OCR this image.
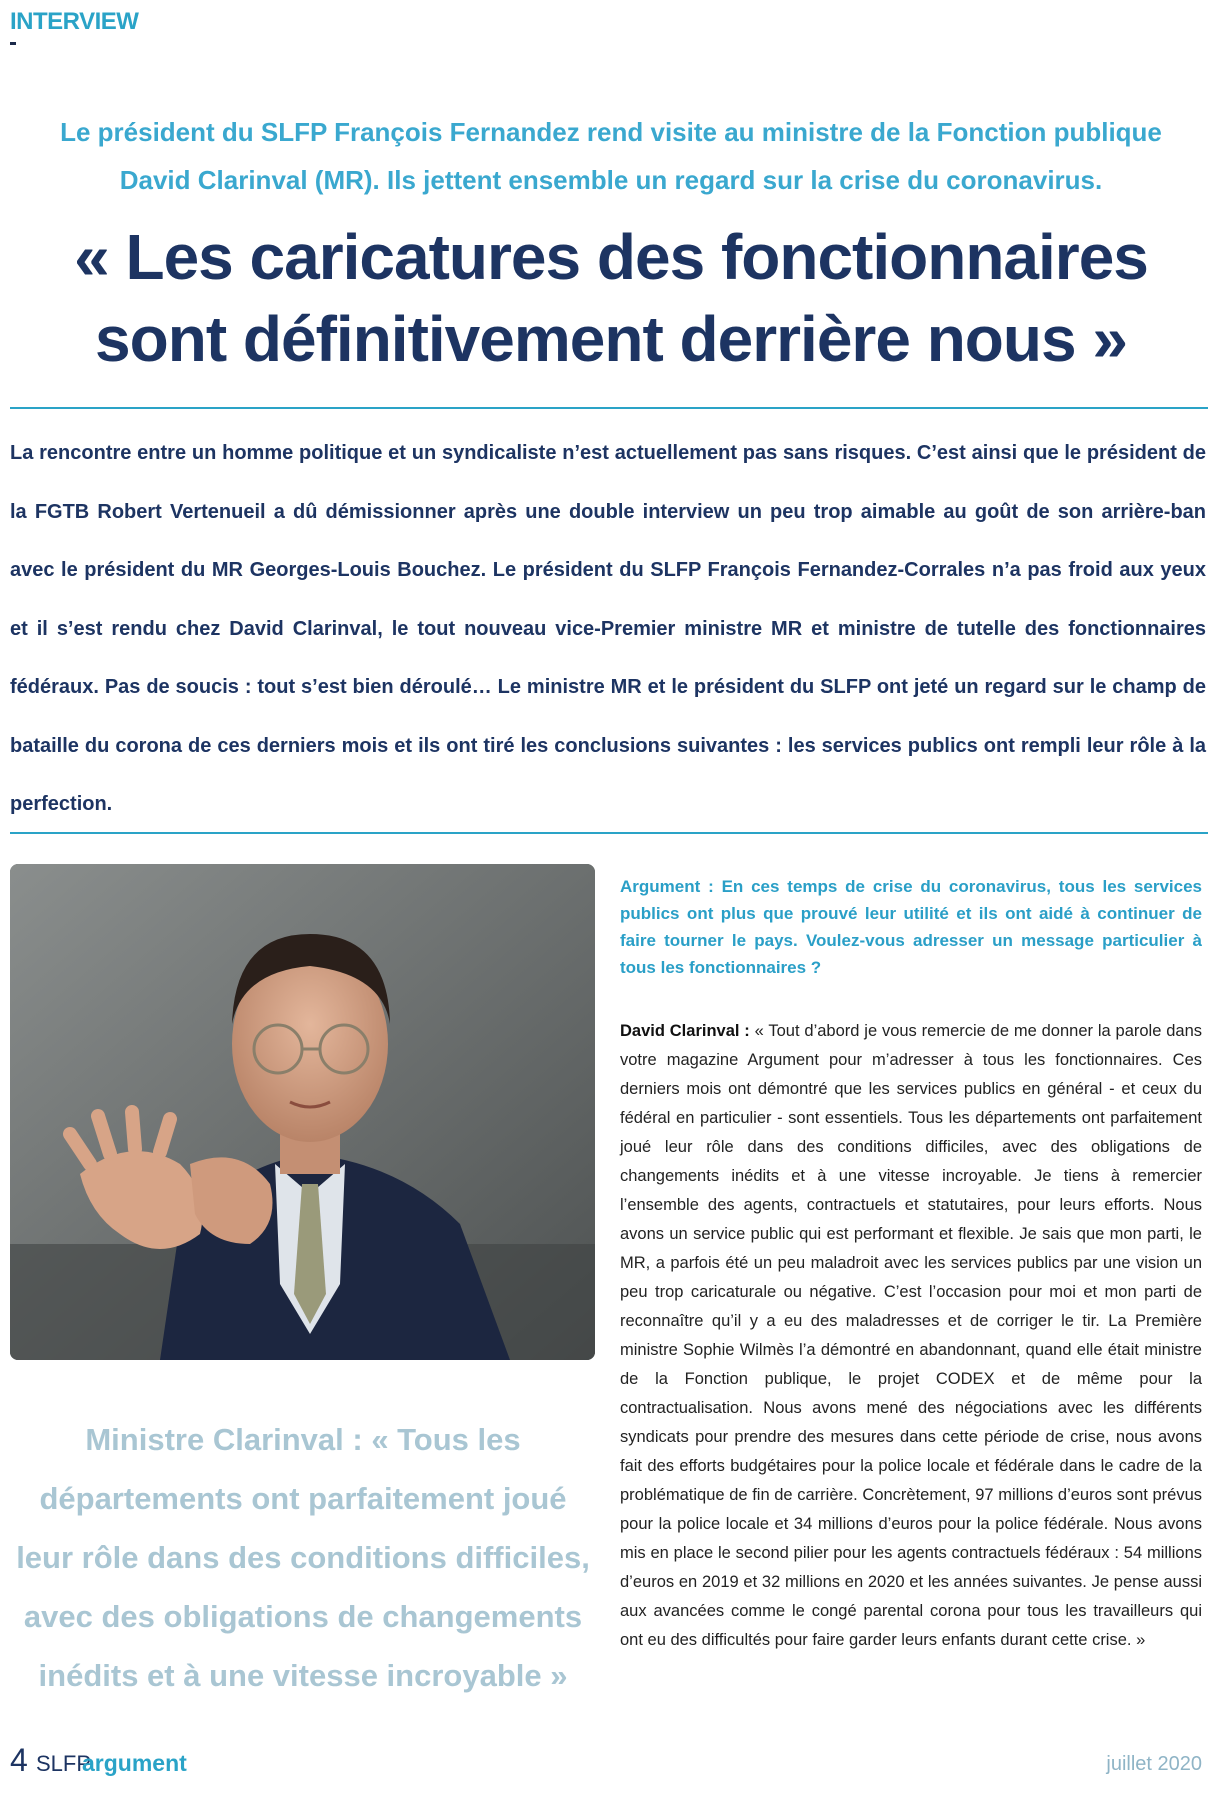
INTERVIEW
Le président du SLFP François Fernandez rend visite au ministre de la Fonction publique David Clarinval (MR). Ils jettent ensemble un regard sur la crise du coronavirus.
« Les caricatures des fonctionnaires sont définitivement derrière nous »

La rencontre entre un homme politique et un syndicaliste n’est actuellement pas sans risques. C’est ainsi que le président de la FGTB Robert Vertenueil a dû démissionner après une double interview un peu trop aimable au goût de son arrière-ban avec le président du MR Georges-Louis Bouchez. Le président du SLFP François Fernandez-Corrales n’a pas froid aux yeux et il s’est rendu chez David Clarinval, le tout nouveau vice-Premier ministre MR et ministre de tutelle des fonctionnaires fédéraux. Pas de soucis : tout s’est bien déroulé… Le ministre MR et le président du SLFP ont jeté un regard sur le champ de bataille du corona de ces derniers mois et ils ont tiré les conclusions suivantes : les services publics ont rempli leur rôle à la perfection.

Ministre Clarinval : « Tous les départements ont parfaitement joué leur rôle dans des conditions difficiles, avec des obligations de changements inédits et à une vitesse incroyable »

Argument : En ces temps de crise du coronavirus, tous les services publics ont plus que prouvé leur utilité et ils ont aidé à continuer de faire tourner le pays. Voulez-vous adresser un message particulier à tous les fonctionnaires ?

David Clarinval : « Tout d’abord je vous remercie de me donner la parole dans votre magazine Argument pour m’adresser à tous les fonctionnaires. Ces derniers mois ont démontré que les services publics en général - et ceux du fédéral en particulier - sont essentiels. Tous les départements ont parfaitement joué leur rôle dans des conditions difficiles, avec des obligations de changements inédits et à une vitesse incroyable. Je tiens à remercier l’ensemble des agents, contractuels et statutaires, pour leurs efforts. Nous avons un service public qui est performant et flexible. Je sais que mon parti, le MR, a parfois été un peu maladroit avec les services publics par une vision un peu trop caricaturale ou négative. C’est l’occasion pour moi et mon parti de reconnaître qu’il y a eu des maladresses et de corriger le tir. La Première ministre Sophie Wilmès l’a démontré en abandonnant, quand elle était ministre de la Fonction publique, le projet CODEX et de même pour la contractualisation. Nous avons mené des négociations avec les différents syndicats pour prendre des mesures dans cette période de crise, nous avons fait des efforts budgétaires pour la police locale et fédérale dans le cadre de la problématique de fin de carrière. Concrètement, 97 millions d’euros sont prévus pour la police locale et 34 millions d’euros pour la police fédérale. Nous avons mis en place le second pilier pour les agents contractuels fédéraux : 54 millions d’euros en 2019 et 32 millions en 2020 et les années suivantes. Je pense aussi aux avancées comme le congé parental corona pour tous les travailleurs qui ont eu des difficultés pour faire garder leurs enfants durant cette crise. »

4 SLFP
argument	juillet 2020
